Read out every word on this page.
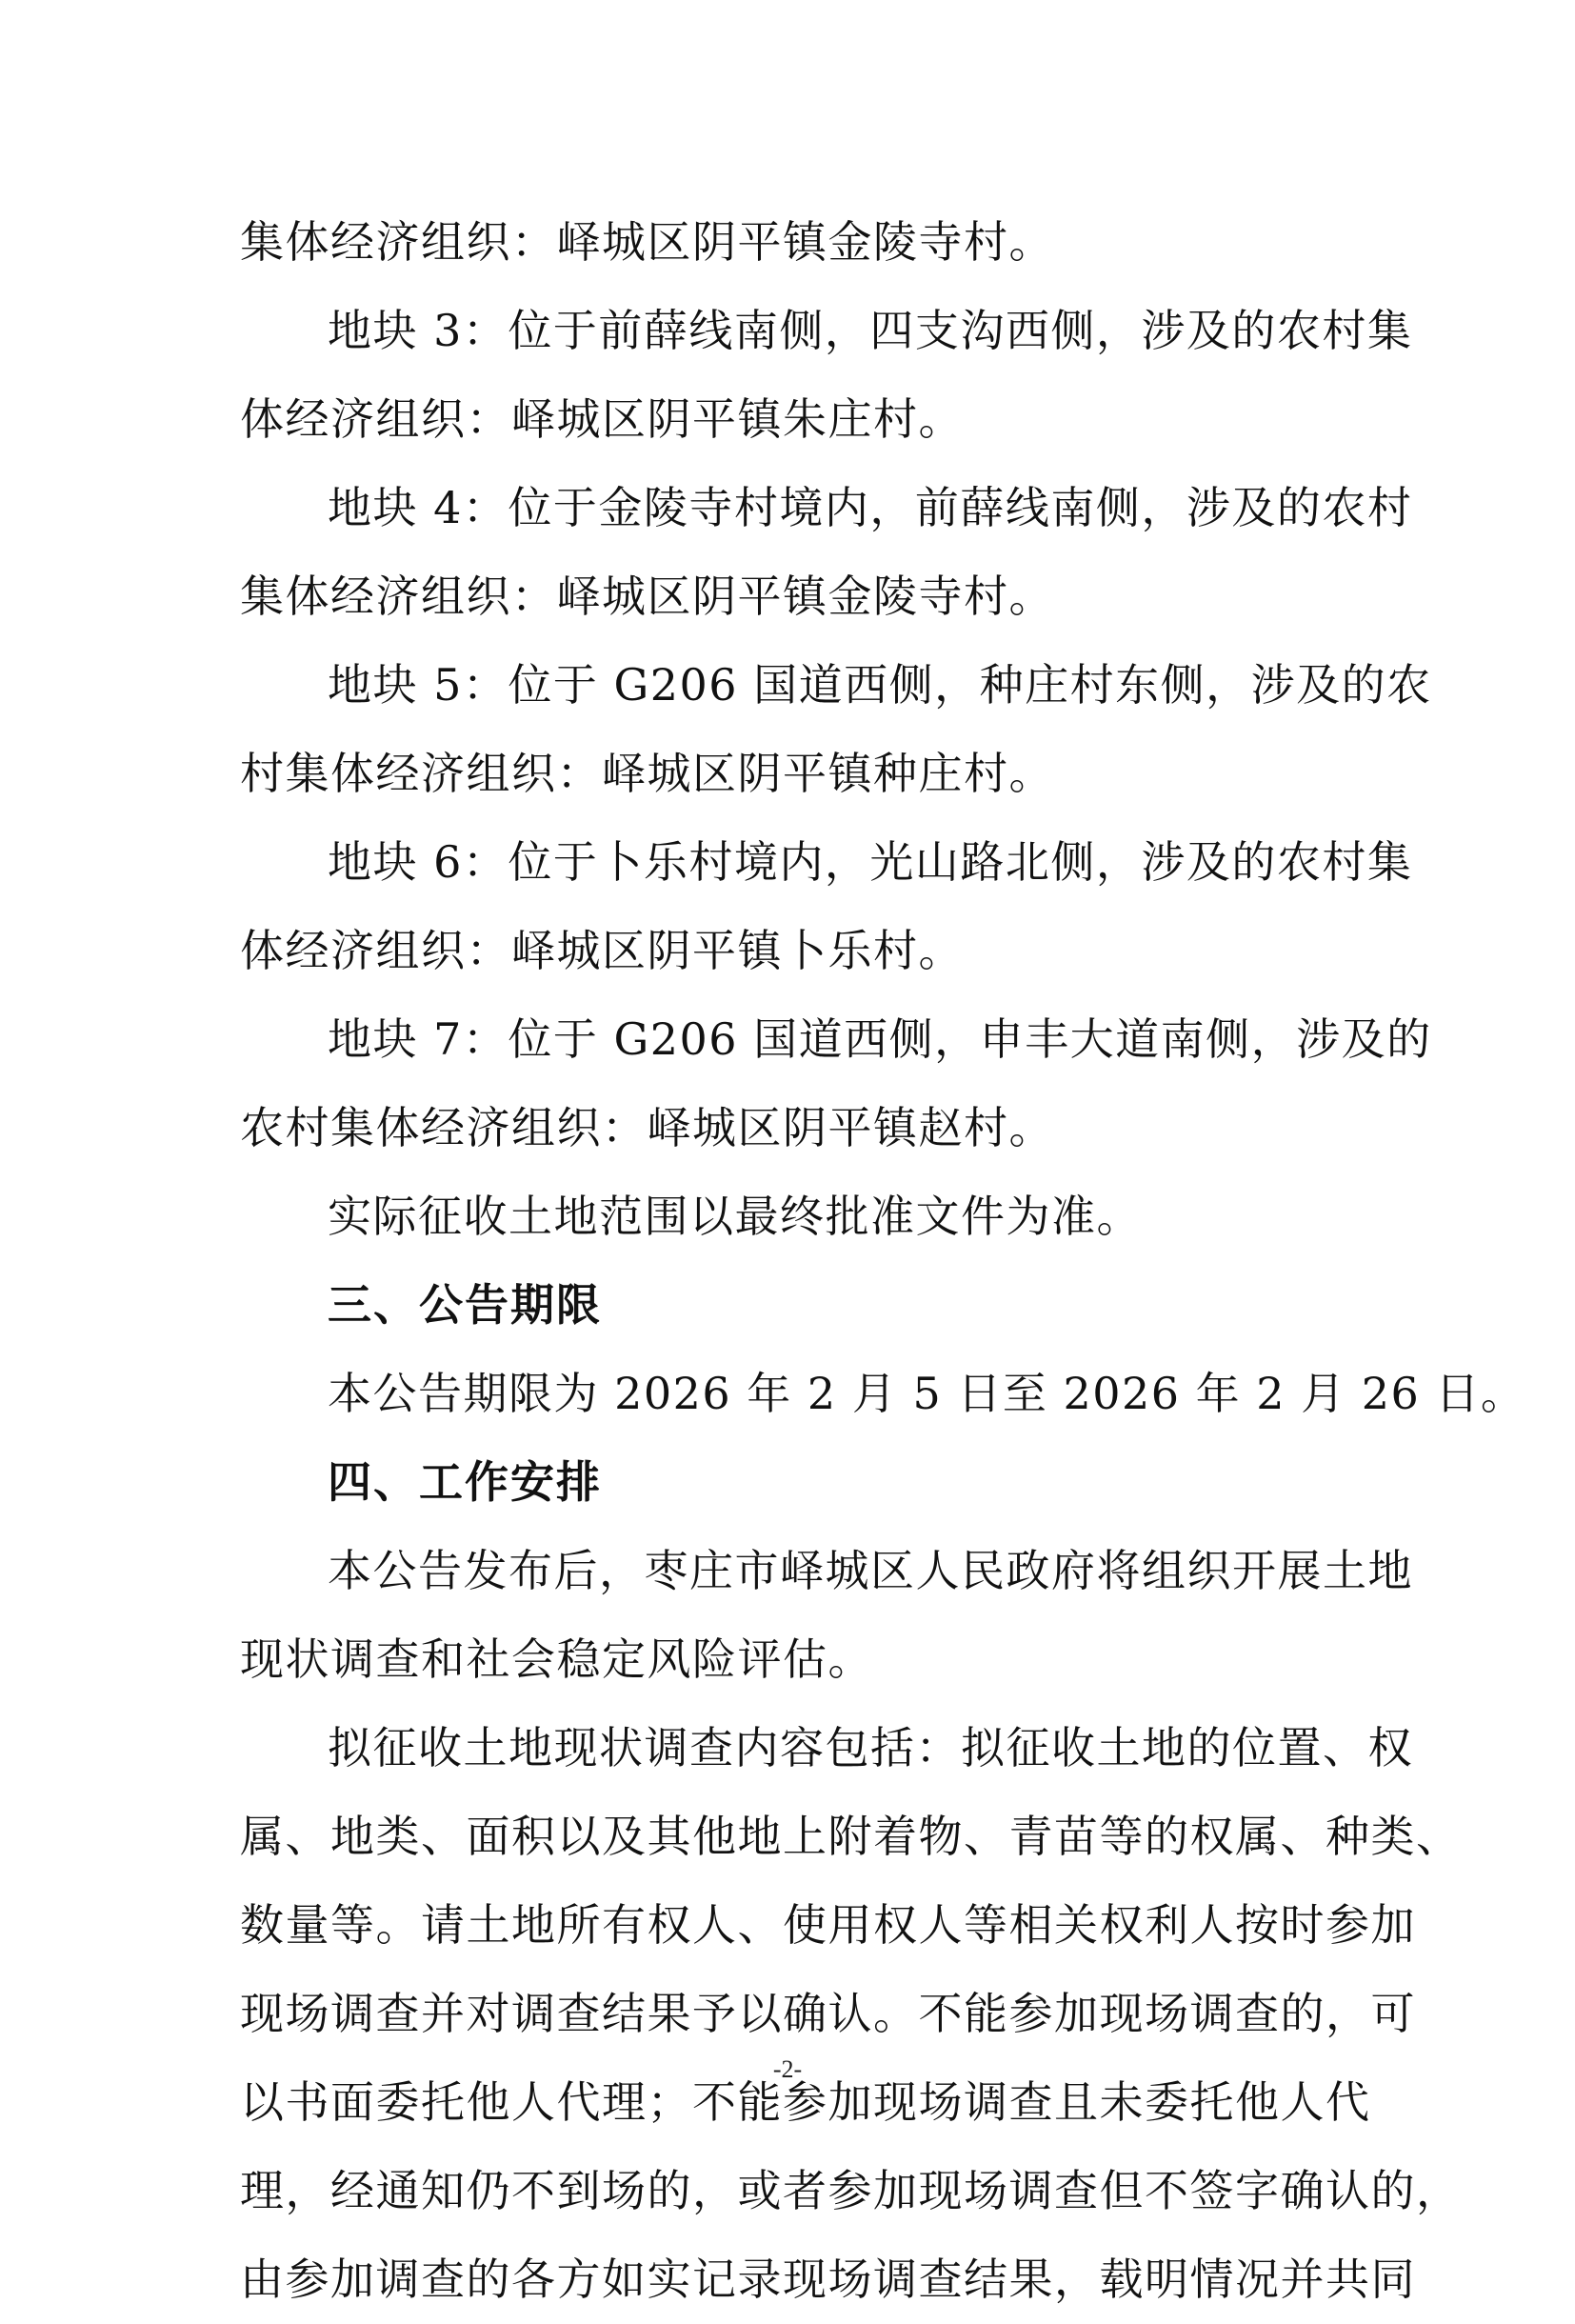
集体经济组织：峄城区阴平镇金陵寺村。
地块 3：位于前薛线南侧，四支沟西侧，涉及的农村集
体经济组织：峄城区阴平镇朱庄村。
地块 4：位于金陵寺村境内，前薛线南侧，涉及的农村
集体经济组织：峄城区阴平镇金陵寺村。
地块 5：位于 G206 国道西侧，种庄村东侧，涉及的农
村集体经济组织：峄城区阴平镇种庄村。
地块 6：位于卜乐村境内，光山路北侧，涉及的农村集
体经济组织：峄城区阴平镇卜乐村。
地块 7：位于 G206 国道西侧，申丰大道南侧，涉及的
农村集体经济组织：峄城区阴平镇赵村。
实际征收土地范围以最终批准文件为准。
三、公告期限
本公告期限为 2026 年 2 月 5 日至 2026 年 2 月 26 日。
四、工作安排
本公告发布后，枣庄市峄城区人民政府将组织开展土地
现状调查和社会稳定风险评估。
拟征收土地现状调查内容包括：拟征收土地的位置、权
属、地类、面积以及其他地上附着物、青苗等的权属、种类、
数量等。请土地所有权人、使用权人等相关权利人按时参加
现场调查并对调查结果予以确认。不能参加现场调查的，可
以书面委托他人代理；不能参加现场调查且未委托他人代
理，经通知仍不到场的，或者参加现场调查但不签字确认的，
由参加调查的各方如实记录现场调查结果，载明情况并共同
-2-
